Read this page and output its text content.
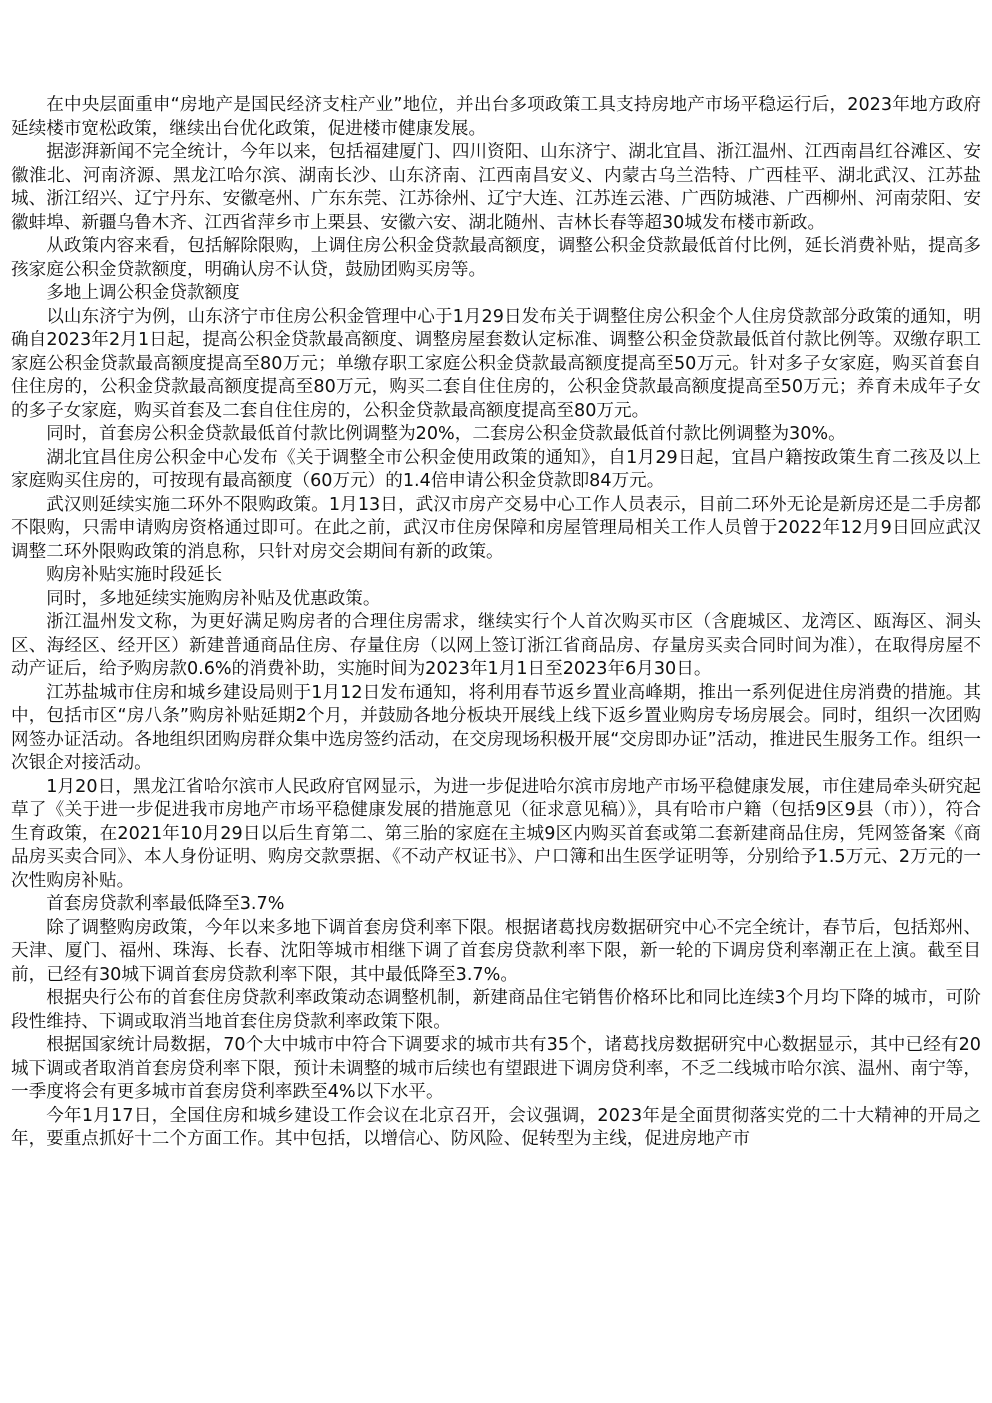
在中央层面重申“房地产是国民经济支柱产业”地位，并出台多项政策工具支持房地产市场平稳运行后，2023年地方政府延续楼市宽松政策，继续出台优化政策，促进楼市健康发展。

据澎湃新闻不完全统计，今年以来，包括福建厦门、四川资阳、山东济宁、湖北宜昌、浙江温州、江西南昌红谷滩区、安徽淮北、河南济源、黑龙江哈尔滨、湖南长沙、山东济南、江西南昌安义、内蒙古乌兰浩特、广西桂平、湖北武汉、江苏盐城、浙江绍兴、辽宁丹东、安徽亳州、广东东莞、江苏徐州、辽宁大连、江苏连云港、广西防城港、广西柳州、河南荥阳、安徽蚌埠、新疆乌鲁木齐、江西省萍乡市上栗县、安徽六安、湖北随州、吉林长春等超30城发布楼市新政。

从政策内容来看，包括解除限购，上调住房公积金贷款最高额度，调整公积金贷款最低首付比例，延长消费补贴，提高多孩家庭公积金贷款额度，明确认房不认贷，鼓励团购买房等。

多地上调公积金贷款额度

以山东济宁为例，山东济宁市住房公积金管理中心于1月29日发布关于调整住房公积金个人住房贷款部分政策的通知，明确自2023年2月1日起，提高公积金贷款最高额度、调整房屋套数认定标准、调整公积金贷款最低首付款比例等。双缴存职工家庭公积金贷款最高额度提高至80万元；单缴存职工家庭公积金贷款最高额度提高至50万元。针对多子女家庭，购买首套自住住房的，公积金贷款最高额度提高至80万元，购买二套自住住房的，公积金贷款最高额度提高至50万元；养育未成年子女的多子女家庭，购买首套及二套自住住房的，公积金贷款最高额度提高至80万元。

同时，首套房公积金贷款最低首付款比例调整为20%，二套房公积金贷款最低首付款比例调整为30%。

湖北宜昌住房公积金中心发布《关于调整全市公积金使用政策的通知》，自1月29日起，宜昌户籍按政策生育二孩及以上家庭购买住房的，可按现有最高额度（60万元）的1.4倍申请公积金贷款即84万元。

武汉则延续实施二环外不限购政策。1月13日，武汉市房产交易中心工作人员表示，目前二环外无论是新房还是二手房都不限购，只需申请购房资格通过即可。在此之前，武汉市住房保障和房屋管理局相关工作人员曾于2022年12月9日回应武汉调整二环外限购政策的消息称，只针对房交会期间有新的政策。

购房补贴实施时段延长

同时，多地延续实施购房补贴及优惠政策。

浙江温州发文称，为更好满足购房者的合理住房需求，继续实行个人首次购买市区（含鹿城区、龙湾区、瓯海区、洞头区、海经区、经开区）新建普通商品住房、存量住房（以网上签订浙江省商品房、存量房买卖合同时间为准），在取得房屋不动产证后，给予购房款0.6%的消费补助，实施时间为2023年1月1日至2023年6月30日。

江苏盐城市住房和城乡建设局则于1月12日发布通知，将利用春节返乡置业高峰期，推出一系列促进住房消费的措施。其中，包括市区“房八条”购房补贴延期2个月，并鼓励各地分板块开展线上线下返乡置业购房专场房展会。同时，组织一次团购网签办证活动。各地组织团购房群众集中选房签约活动，在交房现场积极开展“交房即办证”活动，推进民生服务工作。组织一次银企对接活动。

1月20日，黑龙江省哈尔滨市人民政府官网显示，为进一步促进哈尔滨市房地产市场平稳健康发展，市住建局牵头研究起草了《关于进一步促进我市房地产市场平稳健康发展的措施意见（征求意见稿）》，具有哈市户籍（包括9区9县（市）），符合生育政策，在2021年10月29日以后生育第二、第三胎的家庭在主城9区内购买首套或第二套新建商品住房，凭网签备案《商品房买卖合同》、本人身份证明、购房交款票据、《不动产权证书》、户口簿和出生医学证明等，分别给予1.5万元、2万元的一次性购房补贴。

首套房贷款利率最低降至3.7%

除了调整购房政策，今年以来多地下调首套房贷利率下限。根据诸葛找房数据研究中心不完全统计，春节后，包括郑州、天津、厦门、福州、珠海、长春、沈阳等城市相继下调了首套房贷款利率下限，新一轮的下调房贷利率潮正在上演。截至目前，已经有30城下调首套房贷款利率下限，其中最低降至3.7%。

根据央行公布的首套住房贷款利率政策动态调整机制，新建商品住宅销售价格环比和同比连续3个月均下降的城市，可阶段性维持、下调或取消当地首套住房贷款利率政策下限。

根据国家统计局数据，70个大中城市中符合下调要求的城市共有35个，诸葛找房数据研究中心数据显示，其中已经有20城下调或者取消首套房贷利率下限，预计未调整的城市后续也有望跟进下调房贷利率，不乏二线城市哈尔滨、温州、南宁等，一季度将会有更多城市首套房贷利率跌至4%以下水平。

今年1月17日，全国住房和城乡建设工作会议在北京召开，会议强调，2023年是全面贯彻落实党的二十大精神的开局之年，要重点抓好十二个方面工作。其中包括，以增信心、防风险、促转型为主线，促进房地产市
